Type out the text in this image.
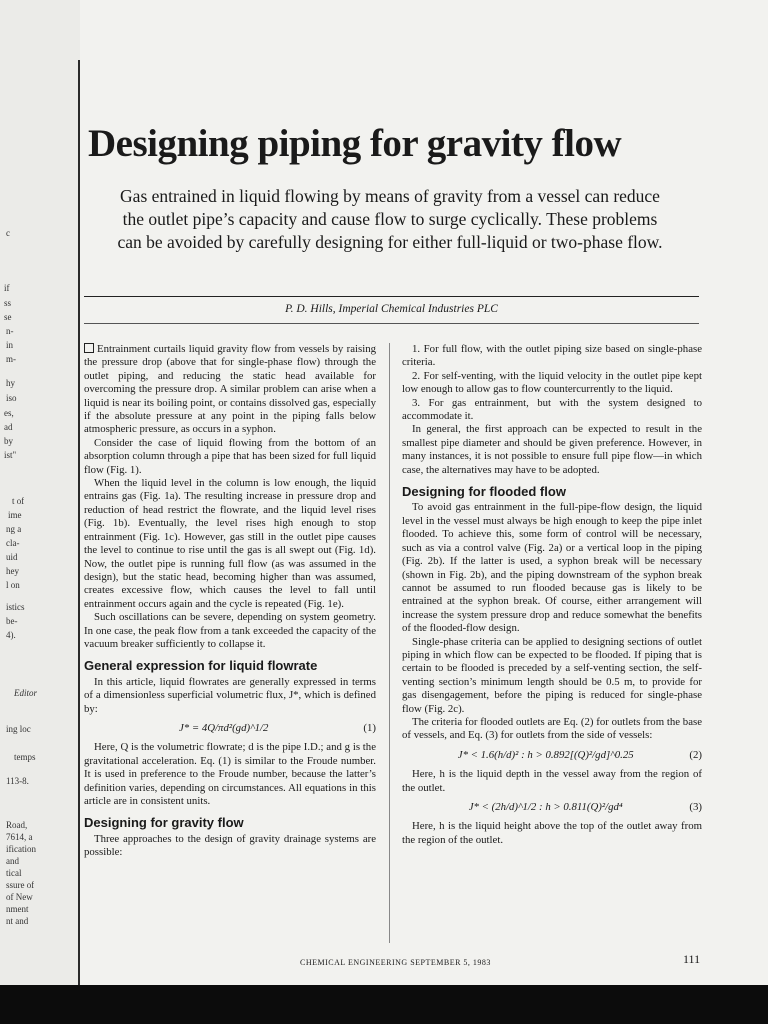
c
if
ss
se
n-
in
m-
hy
iso
es,
ad
by
ist"
t of
ime
ng a
cla-
uid
hey
l on
istics
be-
4).
Editor
ing loc
temps
113-8.
Road,
7614, a
ification
and
tical
ssure of
of New
nment
nt and
Designing piping for gravity flow

Gas entrained in liquid flowing by means of gravity from a vessel can reduce the outlet pipe’s capacity and cause flow to surge cyclically. These problems can be avoided by carefully designing for either full-liquid or two-phase flow.

P. D. Hills, Imperial Chemical Industries PLC

Entrainment curtails liquid gravity flow from vessels by raising the pressure drop (above that for single-phase flow) through the outlet piping, and reducing the static head available for overcoming the pressure drop. A similar problem can arise when a liquid is near its boiling point, or contains dissolved gas, especially if the absolute pressure at any point in the piping falls below atmospheric pressure, as occurs in a syphon.

Consider the case of liquid flowing from the bottom of an absorption column through a pipe that has been sized for full liquid flow (Fig. 1).

When the liquid level in the column is low enough, the liquid entrains gas (Fig. 1a). The resulting increase in pressure drop and reduction of head restrict the flowrate, and the liquid level rises (Fig. 1b). Eventually, the level rises high enough to stop entrainment (Fig. 1c). However, gas still in the outlet pipe causes the level to continue to rise until the gas is all swept out (Fig. 1d). Now, the outlet pipe is running full flow (as was assumed in the design), but the static head, becoming higher than was assumed, creates excessive flow, which causes the level to fall until entrainment occurs again and the cycle is repeated (Fig. 1e).

Such oscillations can be severe, depending on system geometry. In one case, the peak flow from a tank exceeded the capacity of the vacuum breaker sufficiently to collapse it.

General expression for liquid flowrate

In this article, liquid flowrates are generally expressed in terms of a dimensionless superficial volumetric flux, J*, which is defined by:

J* = 4Q/πd²(gd)^1/2	(1)

Here, Q is the volumetric flowrate; d is the pipe I.D.; and g is the gravitational acceleration. Eq. (1) is similar to the Froude number. It is used in preference to the Froude number, because the latter’s definition varies, depending on circumstances. All equations in this article are in consistent units.

Designing for gravity flow

Three approaches to the design of gravity drainage systems are possible:

1. For full flow, with the outlet piping size based on single-phase criteria.

2. For self-venting, with the liquid velocity in the outlet pipe kept low enough to allow gas to flow countercurrently to the liquid.

3. For gas entrainment, but with the system designed to accommodate it.

In general, the first approach can be expected to result in the smallest pipe diameter and should be given preference. However, in many instances, it is not possible to ensure full pipe flow—in which case, the alternatives may have to be adopted.

Designing for flooded flow

To avoid gas entrainment in the full-pipe-flow design, the liquid level in the vessel must always be high enough to keep the pipe inlet flooded. To achieve this, some form of control will be necessary, such as via a control valve (Fig. 2a) or a vertical loop in the piping (Fig. 2b). If the latter is used, a syphon break will be necessary (shown in Fig. 2b), and the piping downstream of the syphon break cannot be assumed to run flooded because gas is likely to be entrained at the syphon break. Of course, either arrangement will increase the system pressure drop and reduce somewhat the benefits of the flooded-flow design.

Single-phase criteria can be applied to designing sections of outlet piping in which flow can be expected to be flooded. If piping that is certain to be flooded is preceded by a self-venting section, the self-venting section’s minimum length should be 0.5 m, to provide for gas disengagement, before the piping is reduced for single-phase flow (Fig. 2c).

The criteria for flooded outlets are Eq. (2) for outlets from the base of vessels, and Eq. (3) for outlets from the side of vessels:

J* < 1.6(h/d)² : h > 0.892[(Q)²/gd]^0.25	(2)

Here, h is the liquid depth in the vessel away from the region of the outlet.

J* < (2h/d)^1/2 : h > 0.811(Q)²/gd⁴	(3)

Here, h is the liquid height above the top of the outlet away from the region of the outlet.

CHEMICAL ENGINEERING SEPTEMBER 5, 1983	111
